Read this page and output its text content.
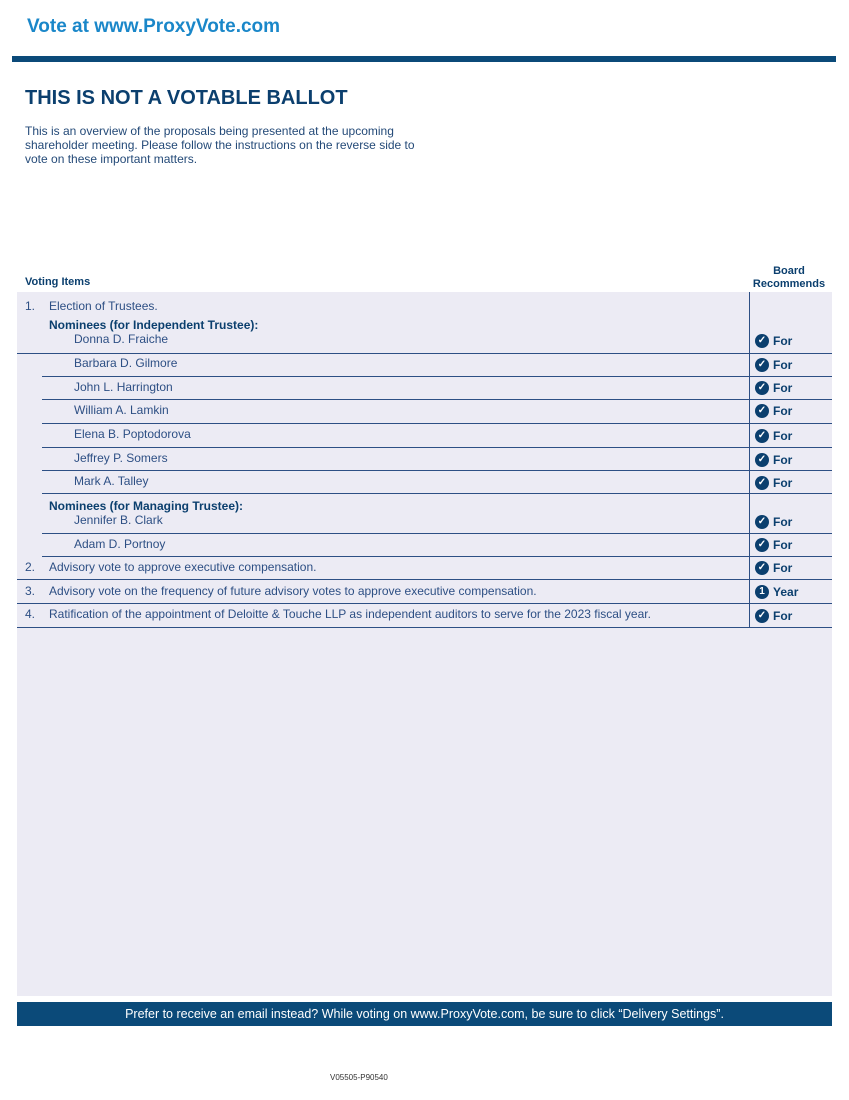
Vote at www.ProxyVote.com
THIS IS NOT A VOTABLE BALLOT

This is an overview of the proposals being presented at the upcoming shareholder meeting. Please follow the instructions on the reverse side to vote on these important matters.

Voting Items
Board Recommends
1. Election of Trustees.
Nominees (for Independent Trustee):
Donna D. Fraiche	✓ For
Barbara D. Gilmore	✓ For
John L. Harrington	✓ For
William A. Lamkin	✓ For
Elena B. Poptodorova	✓ For
Jeffrey P. Somers	✓ For
Mark A. Talley	✓ For
Nominees (for Managing Trustee):
Jennifer B. Clark	✓ For
Adam D. Portnoy	✓ For
2. Advisory vote to approve executive compensation.	✓ For
3. Advisory vote on the frequency of future advisory votes to approve executive compensation.	1 Year
4. Ratification of the appointment of Deloitte & Touche LLP as independent auditors to serve for the 2023 fiscal year.	✓ For
Prefer to receive an email instead? While voting on www.ProxyVote.com, be sure to click “Delivery Settings”.
V05505-P90540
